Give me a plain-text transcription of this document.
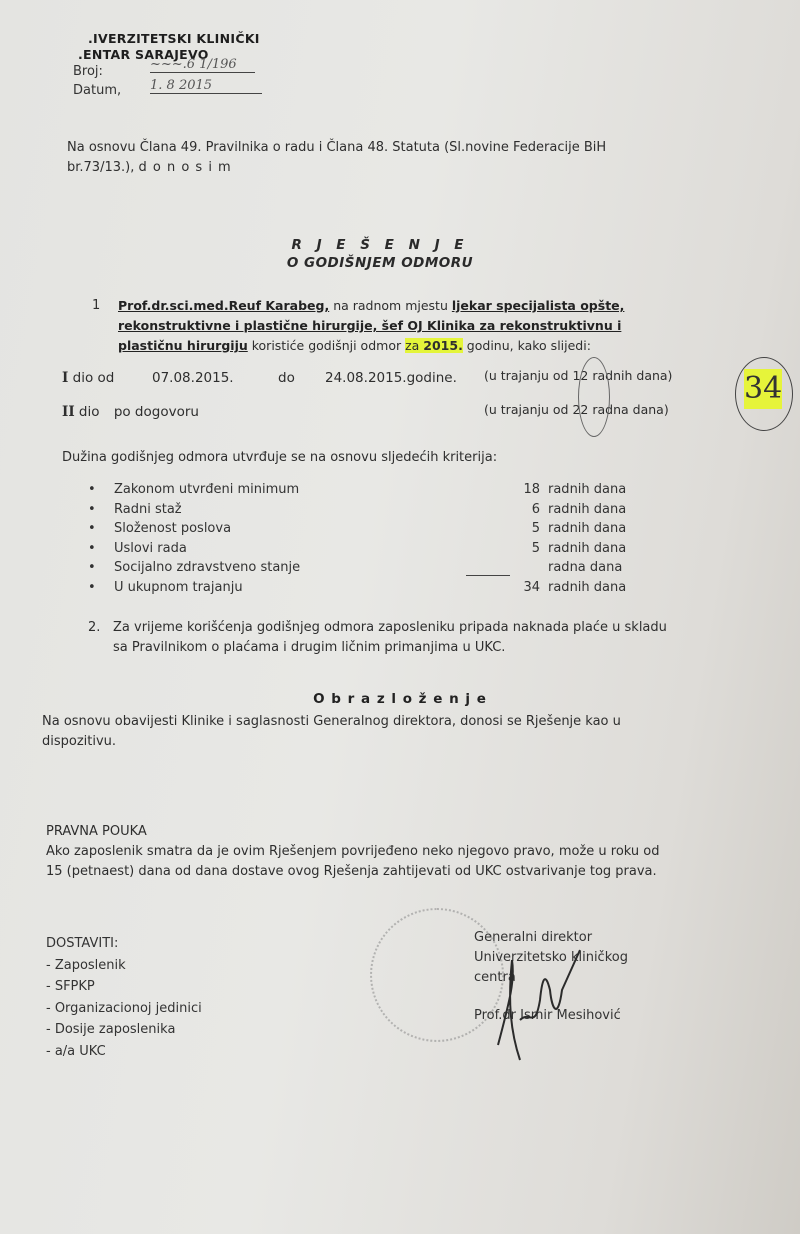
.IVERZITETSKI KLINIČKI
.ENTAR SARAJEVO
Broj:	~~~.6 1/196
Datum, 1. 8 2015
Na osnovu Člana 49. Pravilnika o radu i Člana 48. Statuta (Sl.novine Federacije BiH
br.73/13.), d o n o s i m
R J E Š E N J E
O GODIŠNJEM ODMORU
1 Prof.dr.sci.med.Reuf Karabeg, na radnom mjestu ljekar specijalista opšte,
rekonstruktivne i plastične hirurgije, šef OJ Klinika za rekonstruktivnu i
plastičnu hirurgiju koristiće godišnji odmor za 2015. godinu, kako slijedi:
I dio od	07.08.2015.	do 24.08.2015.godine. (u trajanju od 12 radnih dana)
II dio po dogovoru	(u trajanju od 22 radna dana)
34
Dužina godišnjeg odmora utvrđuje se na osnovu sljedećih kriterija:
• Zakonom utvrđeni minimum	18 radnih dana
• Radni staž	6 radnih dana
• Složenost poslova	5 radnih dana
• Uslovi rada	5 radnih dana
• Socijalno zdravstveno stanje	radna dana
• U ukupnom trajanju	34 radnih dana
2. Za vrijeme korišćenja godišnjeg odmora zaposleniku pripada naknada plaće u skladu
sa Pravilnikom o plaćama i drugim ličnim primanjima u UKC.
O b r a z l o ž e n j e
Na osnovu obavijesti Klinike i saglasnosti Generalnog direktora, donosi se Rješenje kao u
dispozitivu.
PRAVNA POUKA
Ako zaposlenik smatra da je ovim Rješenjem povrijeđeno neko njegovo pravo, može u roku od
15 (petnaest) dana od dana dostave ovog Rješenja zahtijevati od UKC ostvarivanje tog prava.
DOSTAVITI:
- Zaposlenik
- SFPKP
- Organizacionoj jedinici
- Dosije zaposlenika
- a/a UKC
Generalni direktor
Univerzitetsko kliničkog
centra
Prof.dr Ismir Mesihović
